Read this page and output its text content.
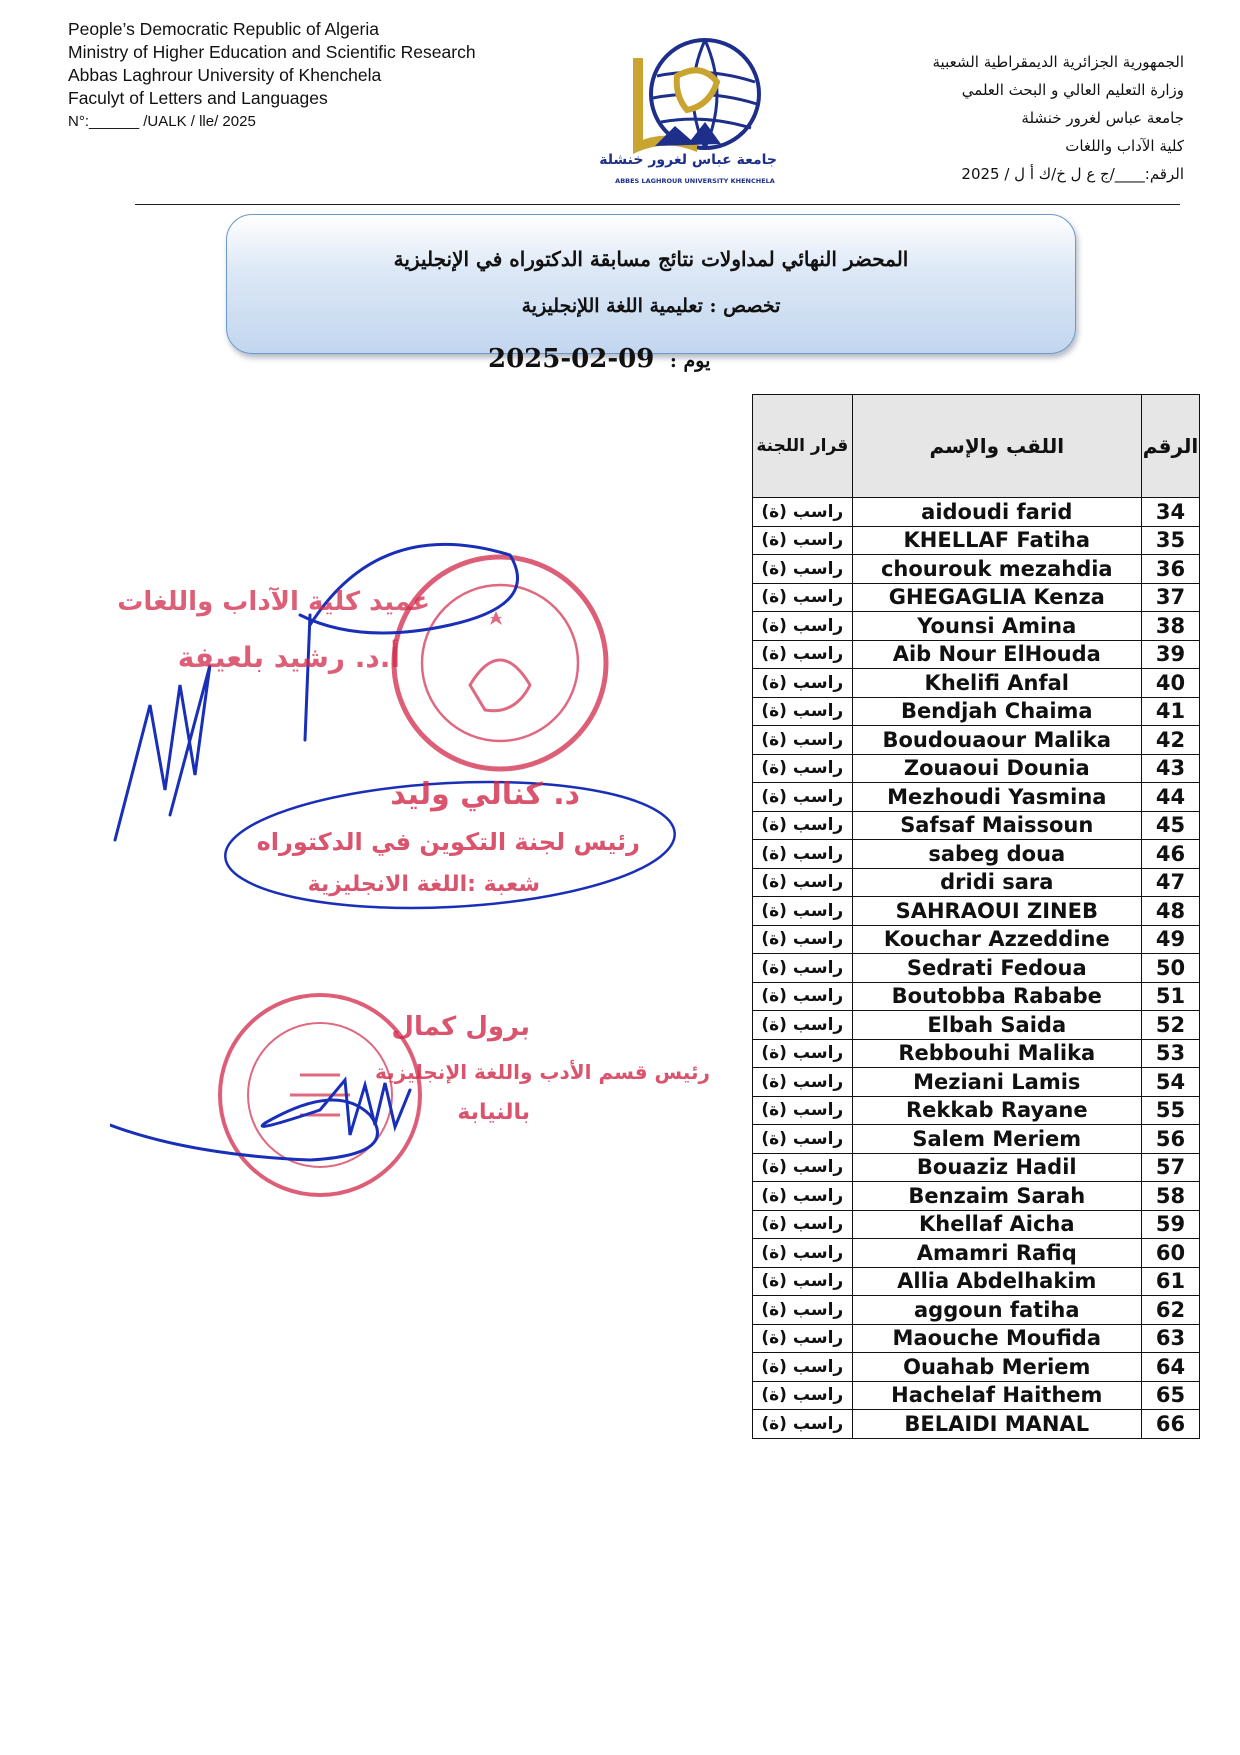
People’s Democratic Republic of Algeria
Ministry of Higher Education and Scientific Research
Abbas Laghrour University of Khenchela
Faculyt of Letters and Languages
N°:______ /UALK / lle/ 2025
جامعة عباس لغرور خنشلة
ABBES LAGHROUR UNIVERSITY KHENCHELA
الجمهورية الجزائرية الديمقراطية الشعبية
وزارة التعليم العالي و البحث العلمي
جامعة عباس لغرور خنشلة
كلية الآداب واللغات
الرقم:____/ج ع ل خ/ك أ ل / 2025
المحضر النهائي لمداولات نتائج مسابقة الدكتوراه في الإنجليزية
تخصص : تعليمية اللغة اللإنجليزية
2025-02-09 يوم :
عميد كلية الآداب واللغات
أ.د. رشيد بلعيفة
د. كنالي وليد
رئيس لجنة التكوين في الدكتوراه
شعبة :اللغة الانجليزية
برول كمال
رئيس قسم الأدب واللغة الإنجليزية
بالنيابة
قرار اللجنة	اللقب والإسم	الرقم
راسب (ة)	aidoudi farid	34
راسب (ة)	KHELLAF Fatiha	35
راسب (ة)	chourouk mezahdia	36
راسب (ة)	GHEGAGLIA Kenza	37
راسب (ة)	Younsi Amina	38
راسب (ة)	Aib Nour ElHouda	39
راسب (ة)	Khelifi Anfal	40
راسب (ة)	Bendjah Chaima	41
راسب (ة)	Boudouaour Malika	42
راسب (ة)	Zouaoui Dounia	43
راسب (ة)	Mezhoudi Yasmina	44
راسب (ة)	Safsaf Maissoun	45
راسب (ة)	sabeg doua	46
راسب (ة)	dridi sara	47
راسب (ة)	SAHRAOUI ZINEB	48
راسب (ة)	Kouchar Azzeddine	49
راسب (ة)	Sedrati Fedoua	50
راسب (ة)	Boutobba Rababe	51
راسب (ة)	Elbah Saida	52
راسب (ة)	Rebbouhi Malika	53
راسب (ة)	Meziani Lamis	54
راسب (ة)	Rekkab Rayane	55
راسب (ة)	Salem Meriem	56
راسب (ة)	Bouaziz Hadil	57
راسب (ة)	Benzaim Sarah	58
راسب (ة)	Khellaf Aicha	59
راسب (ة)	Amamri Rafiq	60
راسب (ة)	Allia Abdelhakim	61
راسب (ة)	aggoun fatiha	62
راسب (ة)	Maouche Moufida	63
راسب (ة)	Ouahab Meriem	64
راسب (ة)	Hachelaf Haithem	65
راسب (ة)	BELAIDI MANAL	66
